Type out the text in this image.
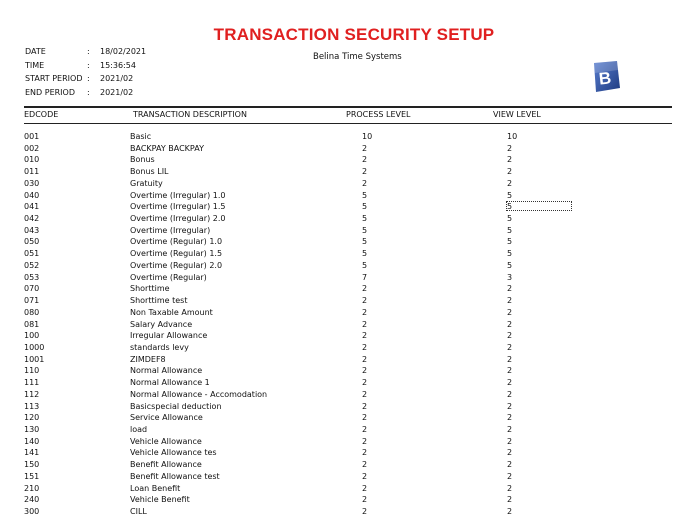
TRANSACTION SECURITY SETUP
Belina Time Systems
DATE	: 18/02/2021
TIME	: 15:36:54
START PERIOD : 2021/02
END PERIOD : 2021/02
B
EDCODE	TRANSACTION DESCRIPTION	PROCESS LEVEL	VIEW LEVEL
001	Basic	10	10
002	BACKPAY BACKPAY	2	2
010	Bonus	2	2
011	Bonus LIL	2	2
030	Gratuity	2	2
040	Overtime (Irregular) 1.0	5	5
041	Overtime (Irregular) 1.5	5	5
042	Overtime (Irregular) 2.0	5	5
043	Overtime (Irregular)	5	5
050	Overtime (Regular) 1.0	5	5
051	Overtime (Regular) 1.5	5	5
052	Overtime (Regular) 2.0	5	5
053	Overtime (Regular)	7	3
070	Shorttime	2	2
071	Shorttime test	2	2
080	Non Taxable Amount	2	2
081	Salary Advance	2	2
100	Irregular Allowance	2	2
1000	standards levy	2	2
1001	ZIMDEF8	2	2
110	Normal Allowance	2	2
111	Normal Allowance 1	2	2
112	Normal Allowance - Accomodation	2	2
113	Basicspecial deduction	2	2
120	Service Allowance	2	2
130	load	2	2
140	Vehicle Allowance	2	2
141	Vehicle Allowance tes	2	2
150	Benefit Allowance	2	2
151	Benefit Allowance test	2	2
210	Loan Benefit	2	2
240	Vehicle Benefit	2	2
300	CILL	2	2
